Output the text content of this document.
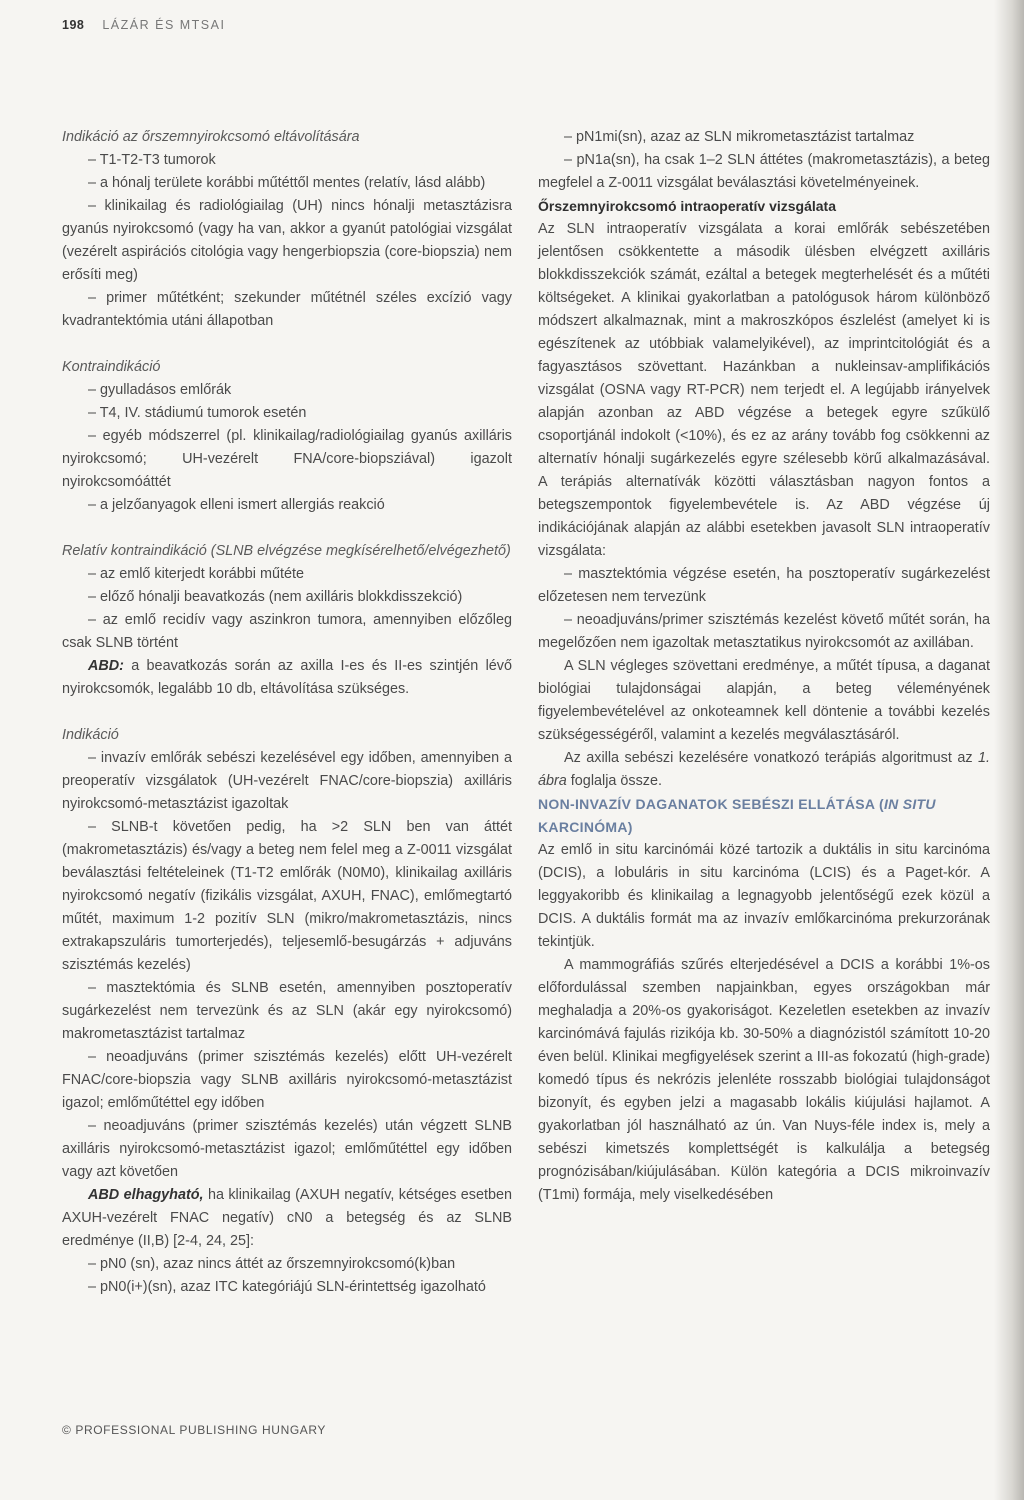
198 LÁZÁR ÉS MTSAI

Indikáció az őrszemnyirokcsomó eltávolítására

– T1-T2-T3 tumorok

– a hónalj területe korábbi műtéttől mentes (relatív, lásd alább)

– klinikailag és radiológiailag (UH) nincs hónalji metasztázisra gyanús nyirokcsomó (vagy ha van, akkor a gyanút patológiai vizsgálat (vezérelt aspirációs citológia vagy hengerbiopszia (core-biopszia) nem erősíti meg)

– primer műtétként; szekunder műtétnél széles excízió vagy kvadrantektómia utáni állapotban

Kontraindikáció

– gyulladásos emlőrák

– T4, IV. stádiumú tumorok esetén

– egyéb módszerrel (pl. klinikailag/radiológiailag gyanús axilláris nyirokcsomó; UH-vezérelt FNA/core-biopsziával) igazolt nyirokcsomóáttét

– a jelzőanyagok elleni ismert allergiás reakció

Relatív kontraindikáció (SLNB elvégzése megkísérelhető/elvégezhető)

– az emlő kiterjedt korábbi műtéte

– előző hónalji beavatkozás (nem axilláris blokkdisszekció)

– az emlő recidív vagy aszinkron tumora, amennyiben előzőleg csak SLNB történt

ABD: a beavatkozás során az axilla I-es és II-es szintjén lévő nyirokcsomók, legalább 10 db, eltávolítása szükséges.

Indikáció

– invazív emlőrák sebészi kezelésével egy időben, amennyiben a preoperatív vizsgálatok (UH-vezérelt FNAC/core-biopszia) axilláris nyirokcsomó-metasztázist igazoltak

– SLNB-t követően pedig, ha >2 SLN ben van áttét (makrometasztázis) és/vagy a beteg nem felel meg a Z-0011 vizsgálat beválasztási feltételeinek (T1-T2 emlőrák (N0M0), klinikailag axilláris nyirokcsomó negatív (fizikális vizsgálat, AXUH, FNAC), emlőmegtartó műtét, maximum 1-2 pozitív SLN (mikro/makrometasztázis, nincs extrakapszuláris tumorterjedés), teljesemlő-besugárzás + adjuváns szisztémás kezelés)

– masztektómia és SLNB esetén, amennyiben posztoperatív sugárkezelést nem tervezünk és az SLN (akár egy nyirokcsomó) makrometasztázist tartalmaz

– neoadjuváns (primer szisztémás kezelés) előtt UH-vezérelt FNAC/core-biopszia vagy SLNB axilláris nyirokcsomó-metasztázist igazol; emlőműtéttel egy időben

– neoadjuváns (primer szisztémás kezelés) után végzett SLNB axilláris nyirokcsomó-metasztázist igazol; emlőműtéttel egy időben vagy azt követően

ABD elhagyható, ha klinikailag (AXUH negatív, kétséges esetben AXUH-vezérelt FNAC negatív) cN0 a betegség és az SLNB eredménye (II,B) [2-4, 24, 25]:

– pN0 (sn), azaz nincs áttét az őrszemnyirokcsomó(k)ban

– pN0(i+)(sn), azaz ITC kategóriájú SLN-érintettség igazolható

– pN1mi(sn), azaz az SLN mikrometasztázist tartalmaz

– pN1a(sn), ha csak 1–2 SLN áttétes (makrometasztázis), a beteg megfelel a Z-0011 vizsgálat beválasztási követelményeinek.

Őrszemnyirokcsomó intraoperatív vizsgálata

Az SLN intraoperatív vizsgálata a korai emlőrák sebészetében jelentősen csökkentette a második ülésben elvégzett axilláris blokkdisszekciók számát, ezáltal a betegek megterhelését és a műtéti költségeket. A klinikai gyakorlatban a patológusok három különböző módszert alkalmaznak, mint a makroszkópos észlelést (amelyet ki is egészítenek az utóbbiak valamelyikével), az imprintcitológiát és a fagyasztásos szövettant. Hazánkban a nukleinsav-amplifikációs vizsgálat (OSNA vagy RT-PCR) nem terjedt el. A legújabb irányelvek alapján azonban az ABD végzése a betegek egyre szűkülő csoportjánál indokolt (<10%), és ez az arány tovább fog csökkenni az alternatív hónalji sugárkezelés egyre szélesebb körű alkalmazásával. A terápiás alternatívák közötti választásban nagyon fontos a betegszempontok figyelembevétele is. Az ABD végzése új indikációjának alapján az alábbi esetekben javasolt SLN intraoperatív vizsgálata:

– masztektómia végzése esetén, ha posztoperatív sugárkezelést előzetesen nem tervezünk

– neoadjuváns/primer szisztémás kezelést követő műtét során, ha megelőzően nem igazoltak metasztatikus nyirokcsomót az axillában.

A SLN végleges szövettani eredménye, a műtét típusa, a daganat biológiai tulajdonságai alapján, a beteg véleményének figyelembevételével az onkoteamnek kell döntenie a további kezelés szükségességéről, valamint a kezelés megválasztásáról.

Az axilla sebészi kezelésére vonatkozó terápiás algoritmust az 1. ábra foglalja össze.

NON-INVAZÍV DAGANATOK SEBÉSZI ELLÁTÁSA (IN SITU KARCINÓMA)

Az emlő in situ karcinómái közé tartozik a duktális in situ karcinóma (DCIS), a lobuláris in situ karcinóma (LCIS) és a Paget-kór. A leggyakoribb és klinikailag a legnagyobb jelentőségű ezek közül a DCIS. A duktális formát ma az invazív emlőkarcinóma prekurzorának tekintjük.

A mammográfiás szűrés elterjedésével a DCIS a korábbi 1%-os előfordulással szemben napjainkban, egyes országokban már meghaladja a 20%-os gyakoriságot. Kezeletlen esetekben az invazív karcinómává fajulás rizikója kb. 30-50% a diagnózistól számított 10-20 éven belül. Klinikai megfigyelések szerint a III-as fokozatú (high-grade) komedó típus és nekrózis jelenléte rosszabb biológiai tulajdonságot bizonyít, és egyben jelzi a magasabb lokális kiújulási hajlamot. A gyakorlatban jól használható az ún. Van Nuys-féle index is, mely a sebészi kimetszés komplettségét is kalkulálja a betegség prognózisában/kiújulásában. Külön kategória a DCIS mikroinvazív (T1mi) formája, mely viselkedésében

© PROFESSIONAL PUBLISHING HUNGARY
